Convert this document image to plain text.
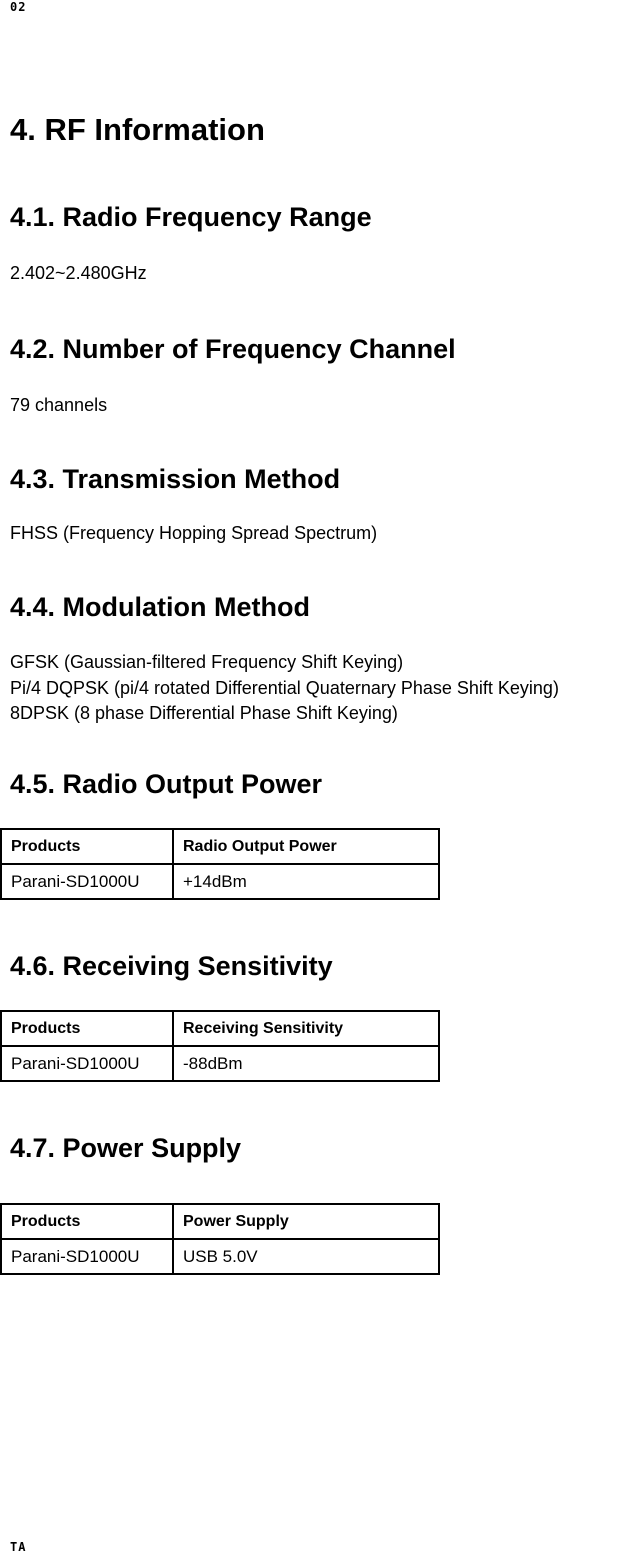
02
4. RF Information
4.1. Radio Frequency Range

2.402~2.480GHz

4.2. Number of Frequency Channel

79 channels

4.3. Transmission Method

FHSS (Frequency Hopping Spread Spectrum)

4.4. Modulation Method

GFSK (Gaussian-filtered Frequency Shift Keying)

Pi/4 DQPSK (pi/4 rotated Differential Quaternary Phase Shift Keying)

8DPSK (8 phase Differential Phase Shift Keying)

4.5. Radio Output Power
Products	Radio Output Power
Parani-SD1000U	+14dBm
4.6. Receiving Sensitivity
Products	Receiving Sensitivity
Parani-SD1000U	-88dBm
4.7. Power Supply
Products	Power Supply
Parani-SD1000U	USB 5.0V
TA
